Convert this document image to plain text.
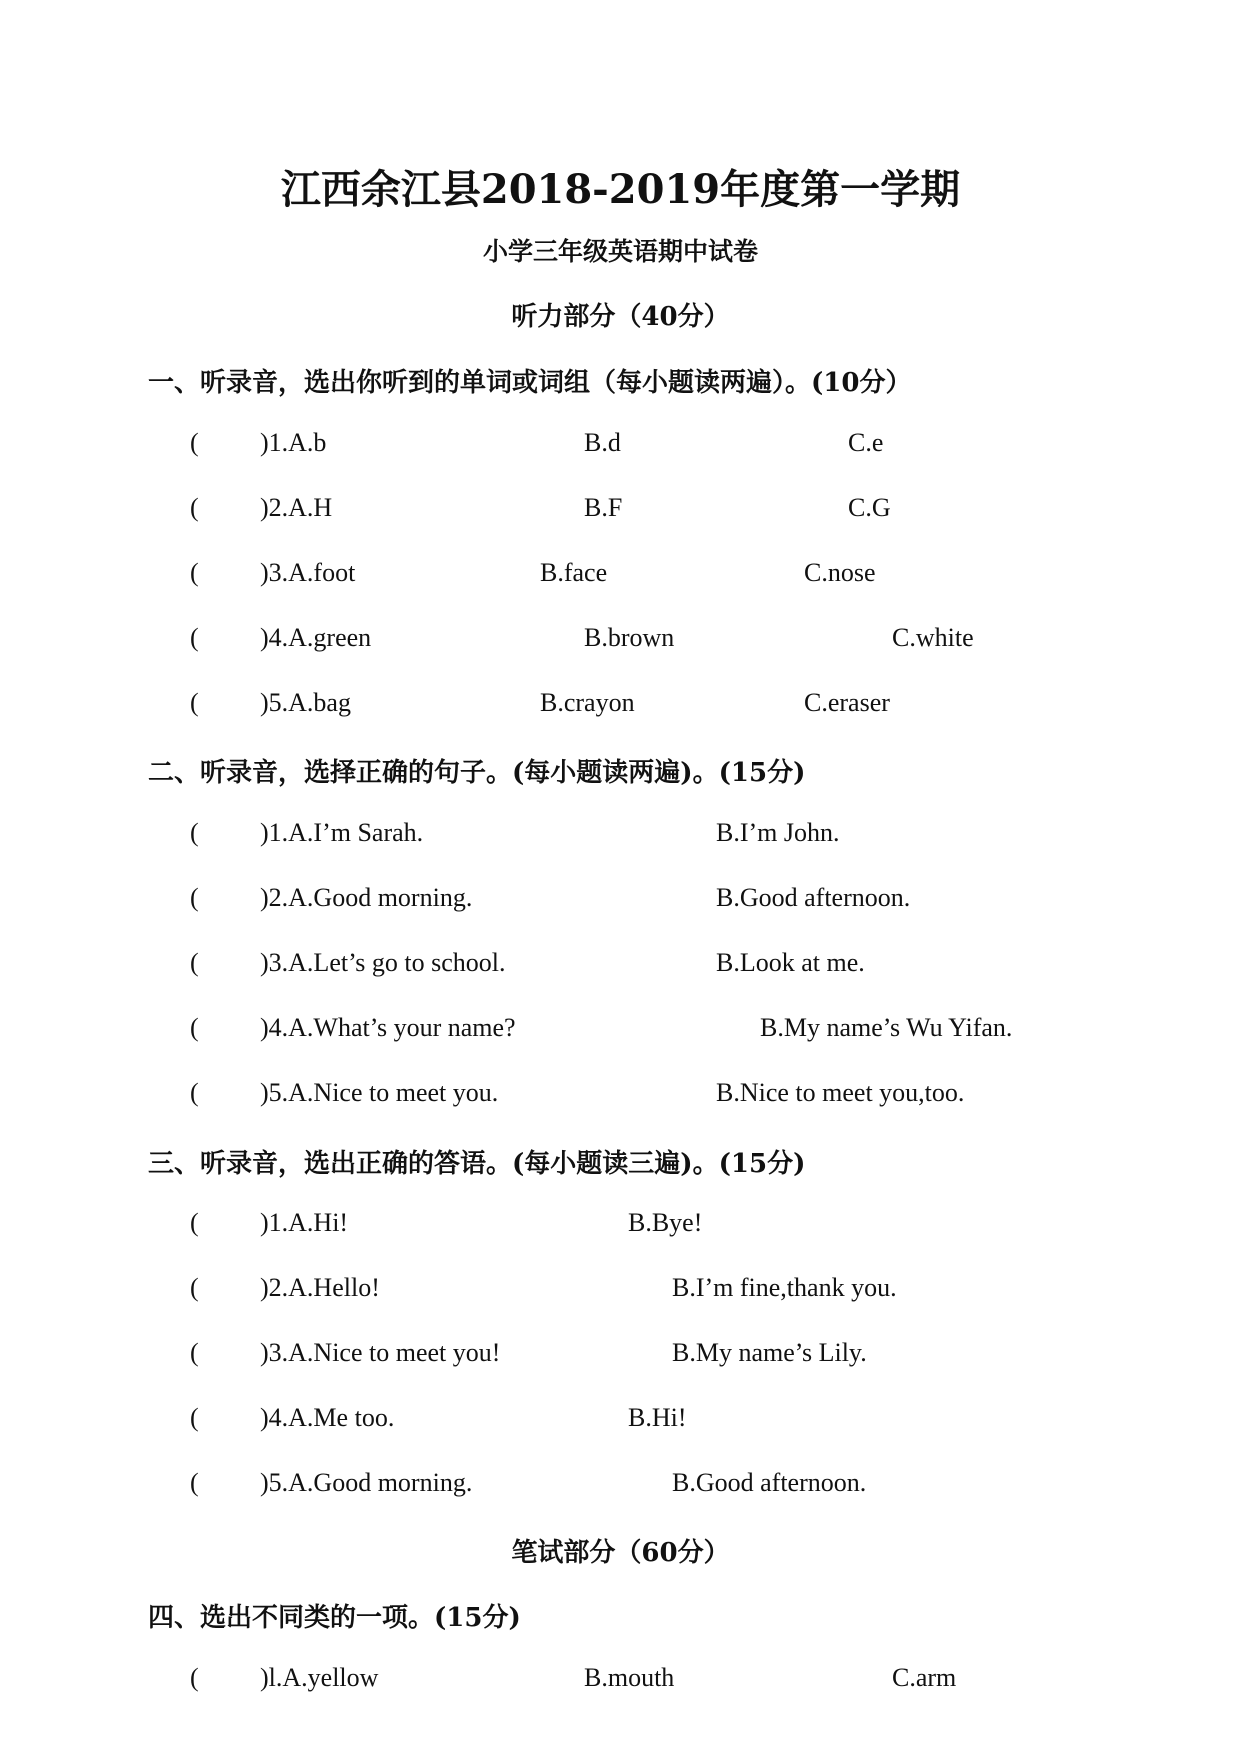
江西余江县2018-2019年度第一学期
小学三年级英语期中试卷
听力部分（40分）
一、听录音，选出你听到的单词或词组（每小题读两遍）。(10分）
( )1.A.b	B.d	C.e
( )2.A.H	B.F	C.G
( )3.A.foot	B.face	C.nose
( )4.A.green	B.brown	C.white
( )5.A.bag	B.crayon	C.eraser
二、听录音，选择正确的句子。(每小题读两遍)。(15分)
( )1.A.I’m Sarah.	B.I’m John.
( )2.A.Good morning.	B.Good afternoon.
( )3.A.Let’s go to school.	B.Look at me.
( )4.A.What’s your name?	B.My name’s Wu Yifan.
( )5.A.Nice to meet you.	B.Nice to meet you,too.
三、听录音，选出正确的答语。(每小题读三遍)。(15分)
( )1.A.Hi!	B.Bye!
( )2.A.Hello!	B.I’m fine,thank you.
( )3.A.Nice to meet you!	B.My name’s Lily.
( )4.A.Me too.	B.Hi!
( )5.A.Good morning.	B.Good afternoon.
笔试部分（60分）
四、选出不同类的一项。(15分)
( )l.A.yellow	B.mouth	C.arm
